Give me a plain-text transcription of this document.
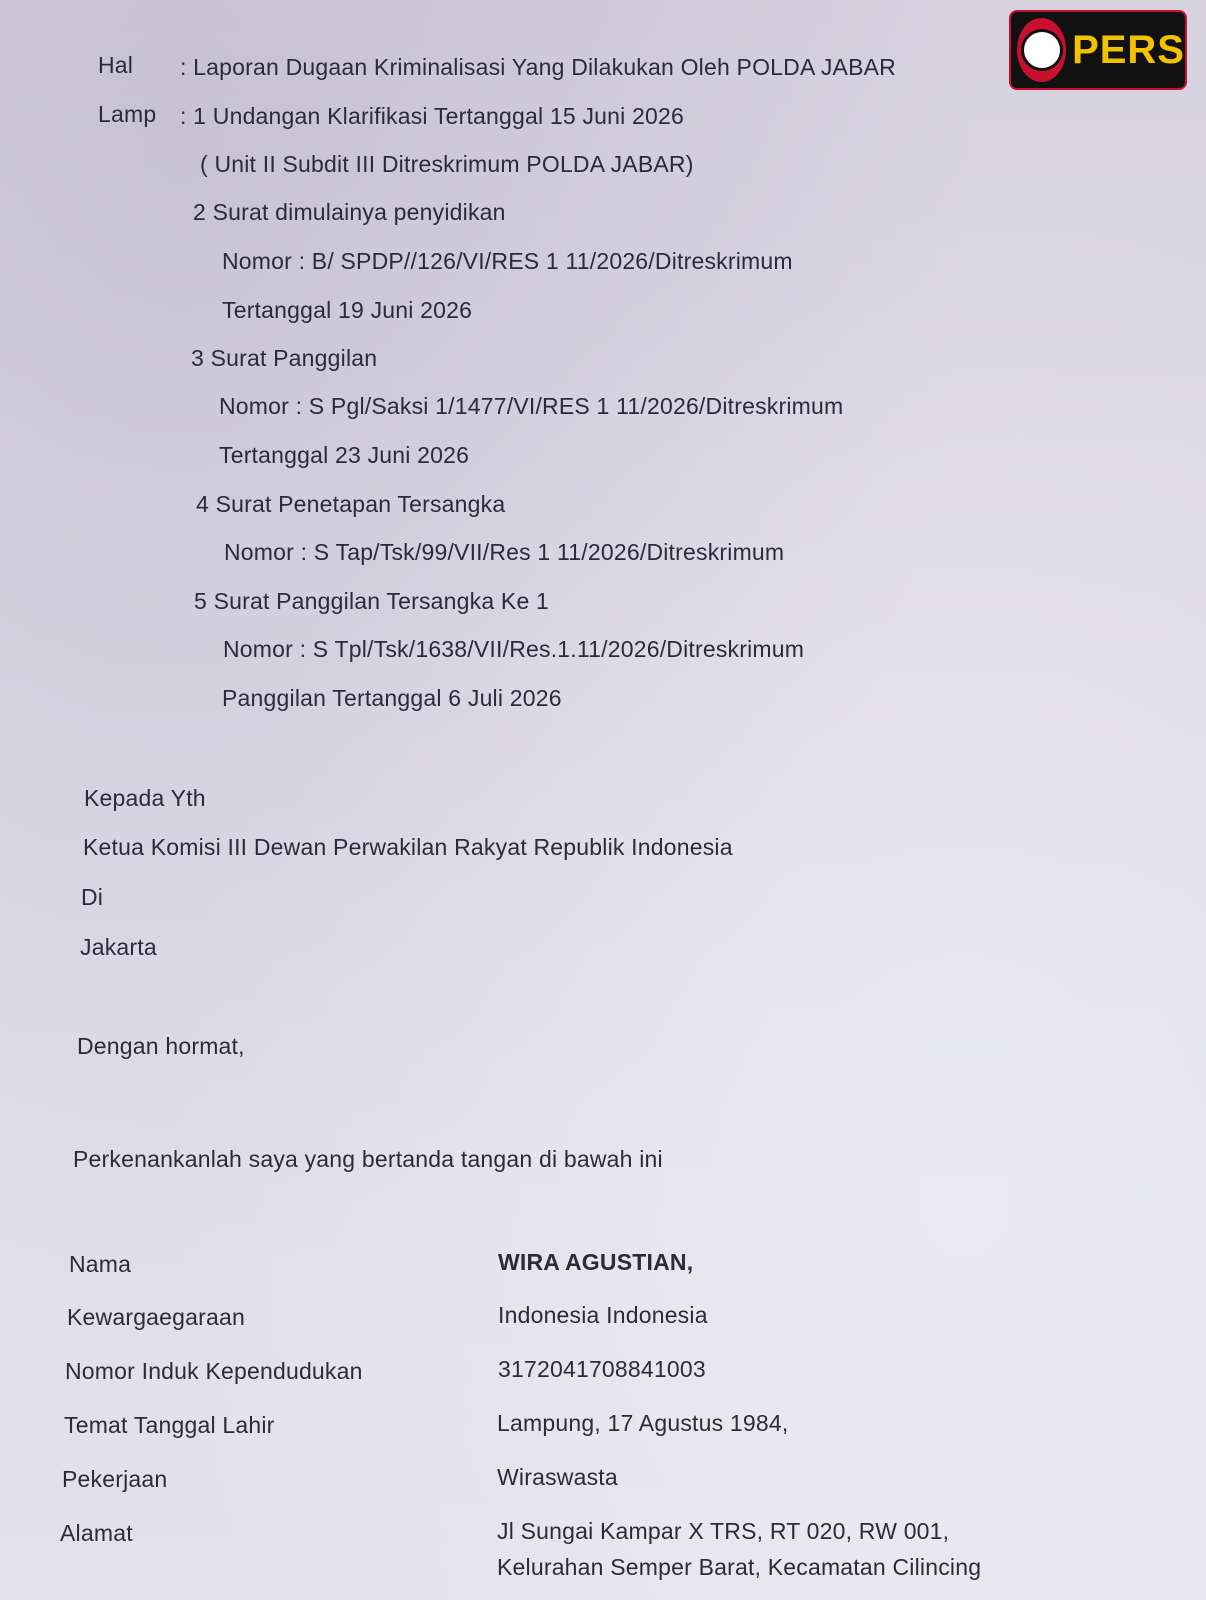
PERS
Hal : Laporan Dugaan Kriminalisasi Yang Dilakukan Oleh POLDA JABAR
Lamp : 1 Undangan Klarifikasi Tertanggal 15 Juni 2026
( Unit II Subdit III Ditreskrimum POLDA JABAR)
2 Surat dimulainya penyidikan
Nomor : B/ SPDP//126/VI/RES 1 11/2026/Ditreskrimum
Tertanggal 19 Juni 2026
3 Surat Panggilan
Nomor : S Pgl/Saksi 1/1477/VI/RES 1 11/2026/Ditreskrimum
Tertanggal 23 Juni 2026
4 Surat Penetapan Tersangka
Nomor : S Tap/Tsk/99/VII/Res 1 11/2026/Ditreskrimum
5 Surat Panggilan Tersangka Ke 1
Nomor : S Tpl/Tsk/1638/VII/Res.1.11/2026/Ditreskrimum
Panggilan Tertanggal 6 Juli 2026
Kepada Yth
Ketua Komisi III Dewan Perwakilan Rakyat Republik Indonesia
Di
Jakarta
Dengan hormat,
Perkenankanlah saya yang bertanda tangan di bawah ini
Nama	WIRA AGUSTIAN,
Kewargaegaraan	Indonesia Indonesia
Nomor Induk Kependudukan	3172041708841003
Temat Tanggal Lahir	Lampung, 17 Agustus 1984,
Pekerjaan	Wiraswasta
Alamat	Jl Sungai Kampar X TRS, RT 020, RW 001,
Kelurahan Semper Barat, Kecamatan Cilincing
